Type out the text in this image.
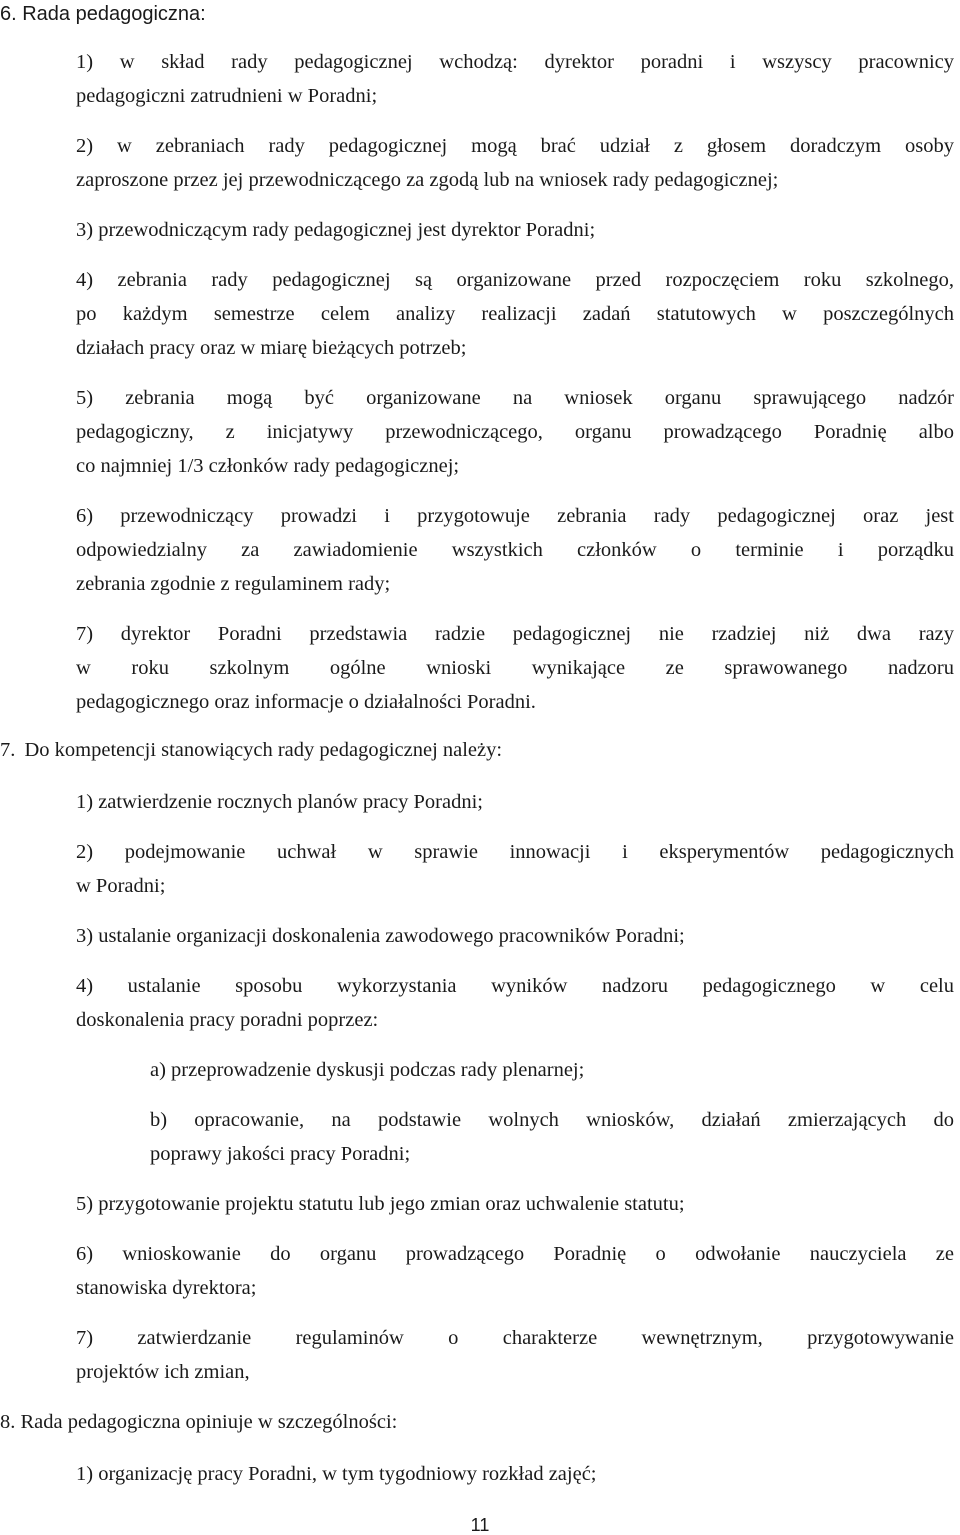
6. Rada pedagogiczna:
1) w skład rady pedagogicznej wchodzą: dyrektor poradni i wszyscy pracownicy
pedagogiczni zatrudnieni w Poradni;
2) w zebraniach rady pedagogicznej mogą brać udział z głosem doradczym osoby
zaproszone przez jej przewodniczącego za zgodą lub na wniosek rady pedagogicznej;
3) przewodniczącym rady pedagogicznej jest dyrektor Poradni;
4) zebrania rady pedagogicznej są organizowane przed rozpoczęciem roku szkolnego,
po każdym semestrze celem analizy realizacji zadań statutowych w poszczególnych
działach pracy oraz w miarę bieżących potrzeb;
5) zebrania mogą być organizowane na wniosek organu sprawującego nadzór
pedagogiczny, z inicjatywy przewodniczącego, organu prowadzącego Poradnię albo
co najmniej 1/3 członków rady pedagogicznej;
6) przewodniczący prowadzi i przygotowuje zebrania rady pedagogicznej oraz jest
odpowiedzialny za zawiadomienie wszystkich członków o terminie i porządku
zebrania zgodnie z regulaminem rady;
7) dyrektor Poradni przedstawia radzie pedagogicznej nie rzadziej niż dwa razy
w roku szkolnym ogólne wnioski wynikające ze sprawowanego nadzoru
pedagogicznego oraz informacje o działalności Poradni.
7. Do kompetencji stanowiących rady pedagogicznej należy:
1) zatwierdzenie rocznych planów pracy Poradni;
2) podejmowanie uchwał w sprawie innowacji i eksperymentów pedagogicznych
w Poradni;
3) ustalanie organizacji doskonalenia zawodowego pracowników Poradni;
4) ustalanie sposobu wykorzystania wyników nadzoru pedagogicznego w celu
doskonalenia pracy poradni poprzez:
a) przeprowadzenie dyskusji podczas rady plenarnej;
b) opracowanie, na podstawie wolnych wniosków, działań zmierzających do
poprawy jakości pracy Poradni;
5) przygotowanie projektu statutu lub jego zmian oraz uchwalenie statutu;
6) wnioskowanie do organu prowadzącego Poradnię o odwołanie nauczyciela ze
stanowiska dyrektora;
7) zatwierdzanie regulaminów o charakterze wewnętrznym, przygotowywanie
projektów ich zmian,
8. Rada pedagogiczna opiniuje w szczególności:
1) organizację pracy Poradni, w tym tygodniowy rozkład zajęć;
11
